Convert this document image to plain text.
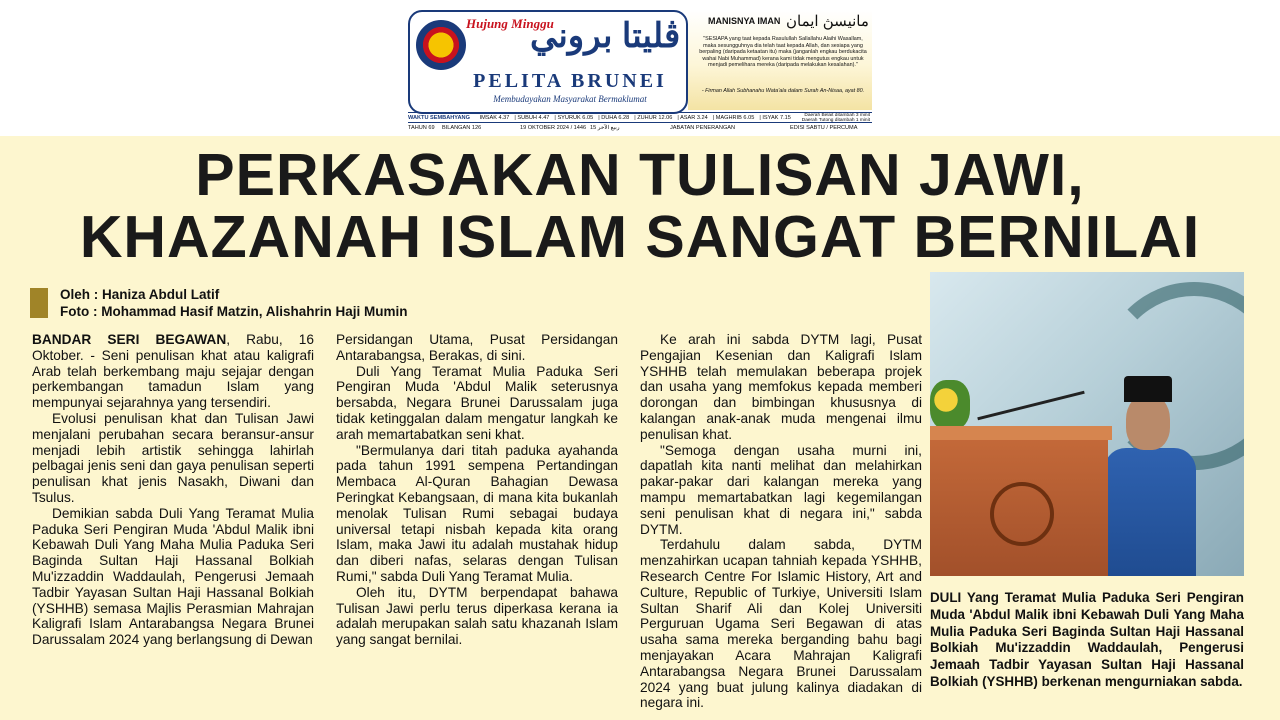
Hujung Minggu
ڤليتا بروني
PELITA BRUNEI
Membudayakan Masyarakat Bermaklumat
MANISNYA IMAN مانيسڽ ايمان
"SESIAPA yang taat kepada Rasulullah Sallallahu Alaihi Wasallam, maka sesungguhnya dia telah taat kepada Allah, dan sesiapa yang berpaling (daripada ketaatan itu) maka (janganlah engkau berdukacita wahai Nabi Muhammad) kerana kami tidak mengutus engkau untuk menjadi pemelihara mereka (daripada melakukan kesalahan)."
- Firman Allah Subhanahu Wata'ala dalam Surah An-Nisaa, ayat 80.
WAKTU SEMBAHYANG IMSAK 4.37 | SUBUH 4.47 | SYURUK 6.05 | DUHA 6.28 | ZUHUR 12.06 | ASAR 3.24 | MAGHRIB 6.05 | ISYAK 7.15	Daerah Belait ditambah 3 minit
Daerah Tutong ditambah 1 minit
TAHUN 69 BILANGAN 126	19 OKTOBER 2024 / 1446 15 ربيع الآخر	JABATAN PENERANGAN	EDISI SABTU / PERCUMA
PERKASAKAN TULISAN JAWI,
KHAZANAH ISLAM SANGAT BERNILAI
Oleh : Haniza Abdul Latif
Foto : Mohammad Hasif Matzin, Alishahrin Haji Mumin

BANDAR SERI BEGAWAN, Rabu, 16 Oktober. - Seni penulisan khat atau kaligrafi Arab telah berkembang maju sejajar dengan perkembangan tamadun Islam yang mempunyai sejarahnya yang tersendiri.

Evolusi penulisan khat dan Tulisan Jawi menjalani perubahan secara beransur-ansur menjadi lebih artistik sehingga lahirlah pelbagai jenis seni dan gaya penulisan seperti penulisan khat jenis Nasakh, Diwani dan Tsulus.

Demikian sabda Duli Yang Teramat Mulia Paduka Seri Pengiran Muda 'Abdul Malik ibni Kebawah Duli Yang Maha Mulia Paduka Seri Baginda Sultan Haji Hassanal Bolkiah Mu'izzaddin Waddaulah, Pengerusi Jemaah Tadbir Yayasan Sultan Haji Hassanal Bolkiah (YSHHB) semasa Majlis Perasmian Mahrajan Kaligrafi Islam Antarabangsa Negara Brunei Darussalam 2024 yang berlangsung di Dewan

Persidangan Utama, Pusat Persidangan Antarabangsa, Berakas, di sini.

Duli Yang Teramat Mulia Paduka Seri Pengiran Muda 'Abdul Malik seterusnya bersabda, Negara Brunei Darussalam juga tidak ketinggalan dalam mengatur langkah ke arah memartabatkan seni khat.

"Bermulanya dari titah paduka ayahanda pada tahun 1991 sempena Pertandingan Membaca Al-Quran Bahagian Dewasa Peringkat Kebangsaan, di mana kita bukanlah menolak Tulisan Rumi sebagai budaya universal tetapi nisbah kepada kita orang Islam, maka Jawi itu adalah mustahak hidup dan diberi nafas, selaras dengan Tulisan Rumi," sabda Duli Yang Teramat Mulia.

Oleh itu, DYTM berpendapat bahawa Tulisan Jawi perlu terus diperkasa kerana ia adalah merupakan salah satu khazanah Islam yang sangat bernilai.

Ke arah ini sabda DYTM lagi, Pusat Pengajian Kesenian dan Kaligrafi Islam YSHHB telah memulakan beberapa projek dan usaha yang memfokus kepada memberi dorongan dan bimbingan khususnya di kalangan anak-anak muda mengenai ilmu penulisan khat.

"Semoga dengan usaha murni ini, dapatlah kita nanti melihat dan melahirkan pakar-pakar dari kalangan mereka yang mampu memartabatkan lagi kegemilangan seni penulisan khat di negara ini," sabda DYTM.

Terdahulu dalam sabda, DYTM menzahirkan ucapan tahniah kepada YSHHB, Research Centre For Islamic History, Art and Culture, Republic of Turkiye, Universiti Islam Sultan Sharif Ali dan Kolej Universiti Perguruan Ugama Seri Begawan di atas usaha sama mereka berganding bahu bagi menjayakan Acara Mahrajan Kaligrafi Antarabangsa Negara Brunei Darussalam 2024 yang buat julung kalinya diadakan di negara ini.

DULI Yang Teramat Mulia Paduka Seri Pengiran Muda 'Abdul Malik ibni Kebawah Duli Yang Maha Mulia Paduka Seri Baginda Sultan Haji Hassanal Bolkiah Mu'izzaddin Waddaulah, Pengerusi Jemaah Tadbir Yayasan Sultan Haji Hassanal Bolkiah (YSHHB) berkenan mengurniakan sabda.
